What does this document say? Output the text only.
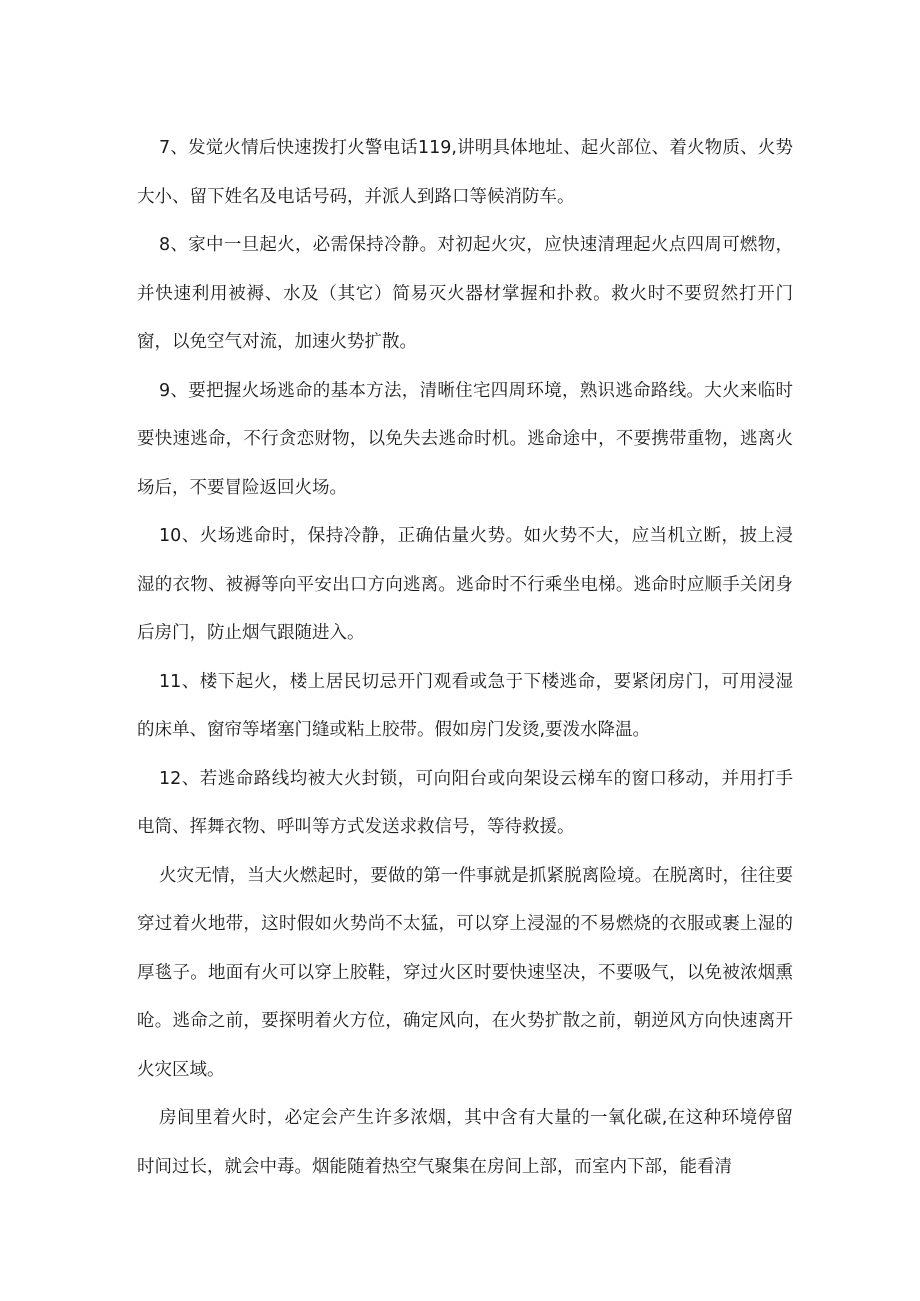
7、发觉火情后快速拨打火警电话119,讲明具体地址、起火部位、着火物质、火势大小、留下姓名及电话号码，并派人到路口等候消防车。

8、家中一旦起火，必需保持冷静。对初起火灾，应快速清理起火点四周可燃物，并快速利用被褥、水及（其它）简易灭火器材掌握和扑救。救火时不要贸然打开门窗，以免空气对流，加速火势扩散。

9、要把握火场逃命的基本方法，清晰住宅四周环境，熟识逃命路线。大火来临时要快速逃命，不行贪恋财物，以免失去逃命时机。逃命途中，不要携带重物，逃离火场后，不要冒险返回火场。

10、火场逃命时，保持冷静，正确估量火势。如火势不大，应当机立断，披上浸湿的衣物、被褥等向平安出口方向逃离。逃命时不行乘坐电梯。逃命时应顺手关闭身后房门，防止烟气跟随进入。

11、楼下起火，楼上居民切忌开门观看或急于下楼逃命，要紧闭房门，可用浸湿的床单、窗帘等堵塞门缝或粘上胶带。假如房门发烫,要泼水降温。

12、若逃命路线均被大火封锁，可向阳台或向架设云梯车的窗口移动，并用打手电筒、挥舞衣物、呼叫等方式发送求救信号，等待救援。

火灾无情，当大火燃起时，要做的第一件事就是抓紧脱离险境。在脱离时，往往要穿过着火地带，这时假如火势尚不太猛，可以穿上浸湿的不易燃烧的衣服或裹上湿的厚毯子。地面有火可以穿上胶鞋，穿过火区时要快速坚决，不要吸气，以免被浓烟熏呛。逃命之前，要探明着火方位，确定风向，在火势扩散之前，朝逆风方向快速离开火灾区域。

房间里着火时，必定会产生许多浓烟，其中含有大量的一氧化碳,在这种环境停留时间过长，就会中毒。烟能随着热空气聚集在房间上部，而室内下部，能看清
